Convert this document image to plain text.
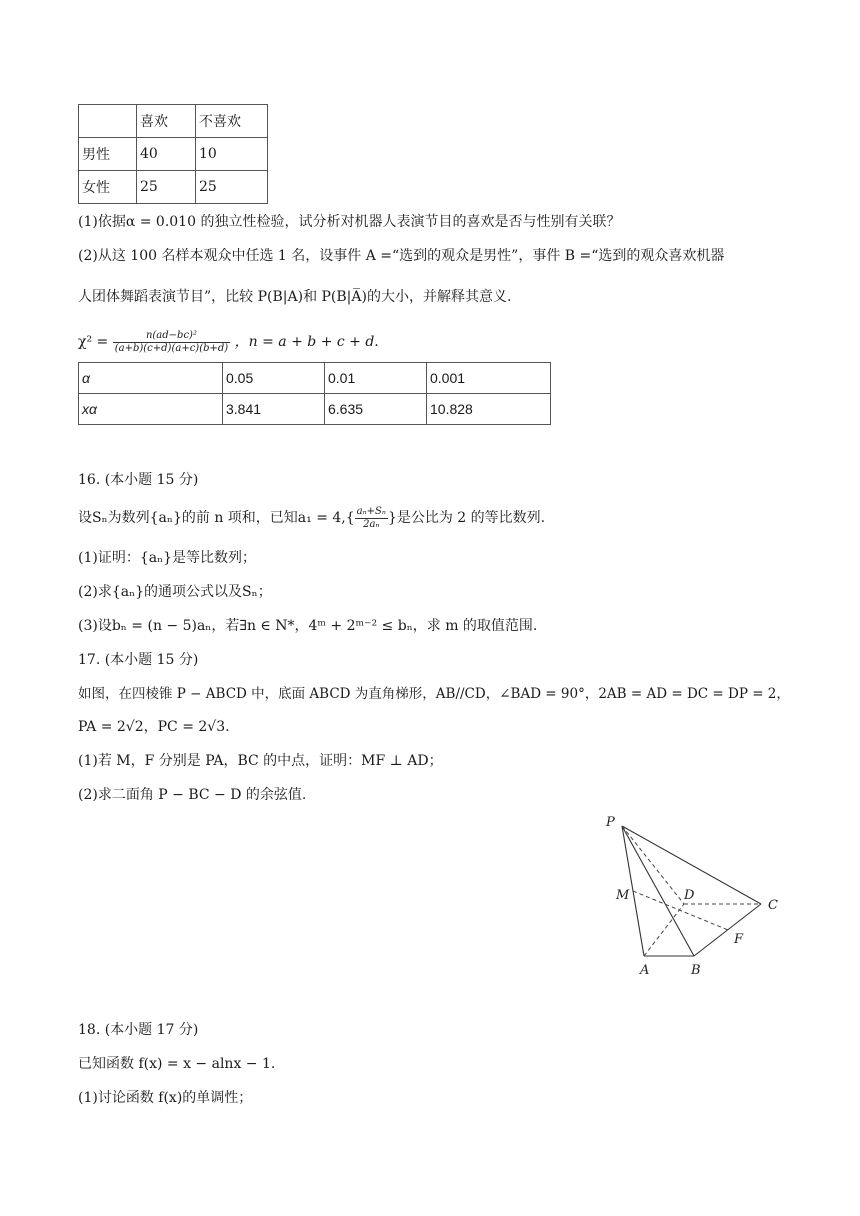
	喜欢	不喜欢
男性	40	10
女性	25	25
(1)依据α = 0.010 的独立性检验，试分析对机器人表演节目的喜欢是否与性别有关联？
(2)从这 100 名样本观众中任选 1 名，设事件 A =“选到的观众是男性”，事件 B =“选到的观众喜欢机器
人团体舞蹈表演节目”，比较 P(B|A)和 P(B|A̅)的大小，并解释其意义.
$\chi^2 = \frac{\text{n(ad−bc)²}}{(a+b)(c+d)(a+c)(b+d)}$ ，n = a + b + c + d.
α	0.05	0.01	0.001
xα	3.841	6.635	10.828
16. (本小题 15 分)
设Sₙ为数列{aₙ}的前 n 项和，已知$a_1 = 4,\{ \frac{\text{aₙ+Sₙ}}{\text{2aₙ}}$ }是公比为 2 的等比数列.
(1)证明：{aₙ}是等比数列；
(2)求{aₙ}的通项公式以及Sₙ；
(3)设bₙ = (n − 5)aₙ，若∃n ∈ N*，4ᵐ + 2ᵐ⁻² ≤ bₙ，求 m 的取值范围.
17. (本小题 15 分)
如图，在四棱锥 P − ABCD 中，底面 ABCD 为直角梯形，AB//CD，∠BAD = 90°，2AB = AD = DC = DP = 2，
PA = 2√2，PC = 2√3.
(1)若 M，F 分别是 PA，BC 的中点，证明：MF ⊥ AD；
(2)求二面角 P − BC − D 的余弦值.
P
M	D
C
F
A	B
18. (本小题 17 分)
已知函数 f(x) = x − alnx − 1.
(1)讨论函数 f(x)的单调性；
